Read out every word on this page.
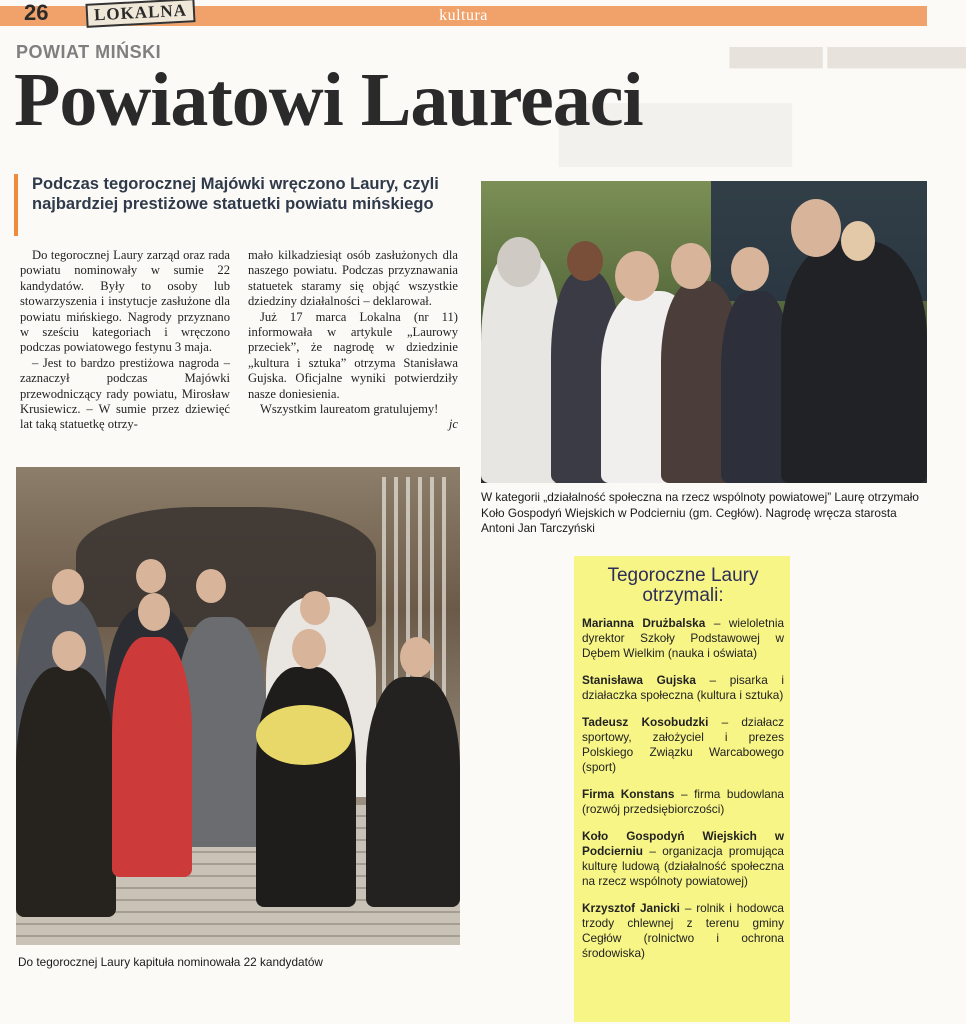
26	LOKALNA	kultura
▇▇▇▇▇▇ ▇▇▇▇▇▇▇▇▇
▇▇▇▇▇
POWIAT MIŃSKI
Powiatowi Laureaci
Podczas tegorocznej Majówki wręczono Laury, czyli najbardziej prestiżowe statuetki powiatu mińskiego

Do tegorocznej Laury zarząd oraz rada powiatu nominowały w sumie 22 kandydatów. Były to osoby lub stowarzyszenia i instytucje zasłużone dla powiatu mińskiego. Nagrody przyznano w sześciu kategoriach i wręczono podczas powiatowego festynu 3 maja.

– Jest to bardzo prestiżowa nagroda – zaznaczył podczas Majówki przewodniczący rady powiatu, Mirosław Krusiewicz. – W sumie przez dziewięć lat taką statuetkę otrzy-

mało kilkadziesiąt osób zasłużonych dla naszego powiatu. Podczas przyznawania statuetek staramy się objąć wszystkie dziedziny działalności – deklarował.

Już 17 marca Lokalna (nr 11) informowała w artykule „Laurowy przeciek”, że nagrodę w dziedzinie „kultura i sztuka” otrzyma Stanisława Gujska. Oficjalne wyniki potwierdziły nasze doniesienia.

Wszystkim laureatom gratulujemy!

jc

W kategorii „działalność społeczna na rzecz wspólnoty powiatowej” Laurę otrzymało Koło Gospodyń Wiejskich w Podcierniu (gm. Cegłów). Nagrodę wręcza starosta Antoni Jan Tarczyński
Do tegorocznej Laury kapituła nominowała 22 kandydatów
Tegoroczne Laury otrzymali:
Marianna Drużbalska – wieloletnia dyrektor Szkoły Podstawowej w Dębem Wielkim (nauka i oświata)
Stanisława Gujska – pisarka i działaczka społeczna (kultura i sztuka)
Tadeusz Kosobudzki – działacz sportowy, założyciel i prezes Polskiego Związku Warcabowego (sport)
Firma Konstans – firma budowlana (rozwój przedsiębiorczości)
Koło Gospodyń Wiejskich w Podcierniu – organizacja promująca kulturę ludową (działalność społeczna na rzecz wspólnoty powiatowej)
Krzysztof Janicki – rolnik i hodowca trzody chlewnej z terenu gminy Cegłów (rolnictwo i ochrona środowiska)
